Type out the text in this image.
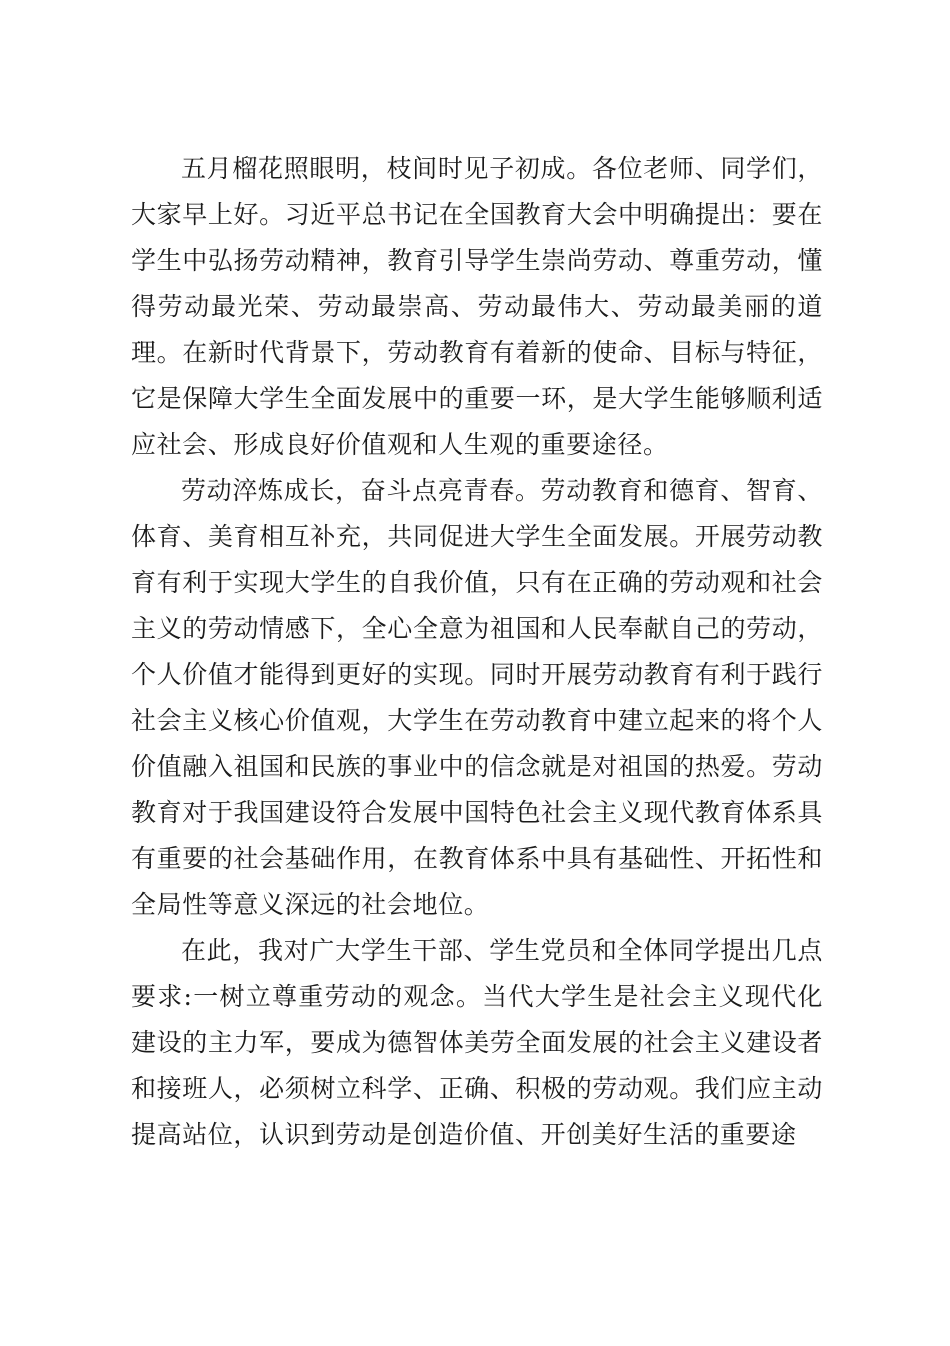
五月榴花照眼明，枝间时见子初成。各位老师、同学们，大家早上好。习近平总书记在全国教育大会中明确提出：要在学生中弘扬劳动精神，教育引导学生崇尚劳动、尊重劳动，懂得劳动最光荣、劳动最崇高、劳动最伟大、劳动最美丽的道理。在新时代背景下，劳动教育有着新的使命、目标与特征，它是保障大学生全面发展中的重要一环，是大学生能够顺利适应社会、形成良好价值观和人生观的重要途径。

劳动淬炼成长，奋斗点亮青春。劳动教育和德育、智育、体育、美育相互补充，共同促进大学生全面发展。开展劳动教育有利于实现大学生的自我价值，只有在正确的劳动观和社会主义的劳动情感下，全心全意为祖国和人民奉献自己的劳动，个人价值才能得到更好的实现。同时开展劳动教育有利于践行社会主义核心价值观，大学生在劳动教育中建立起来的将个人价值融入祖国和民族的事业中的信念就是对祖国的热爱。劳动教育对于我国建设符合发展中国特色社会主义现代教育体系具有重要的社会基础作用，在教育体系中具有基础性、开拓性和全局性等意义深远的社会地位。

在此，我对广大学生干部、学生党员和全体同学提出几点要求:一树立尊重劳动的观念。当代大学生是社会主义现代化建设的主力军，要成为德智体美劳全面发展的社会主义建设者和接班人，必须树立科学、正确、积极的劳动观。我们应主动提高站位，认识到劳动是创造价值、开创美好生活的重要途
